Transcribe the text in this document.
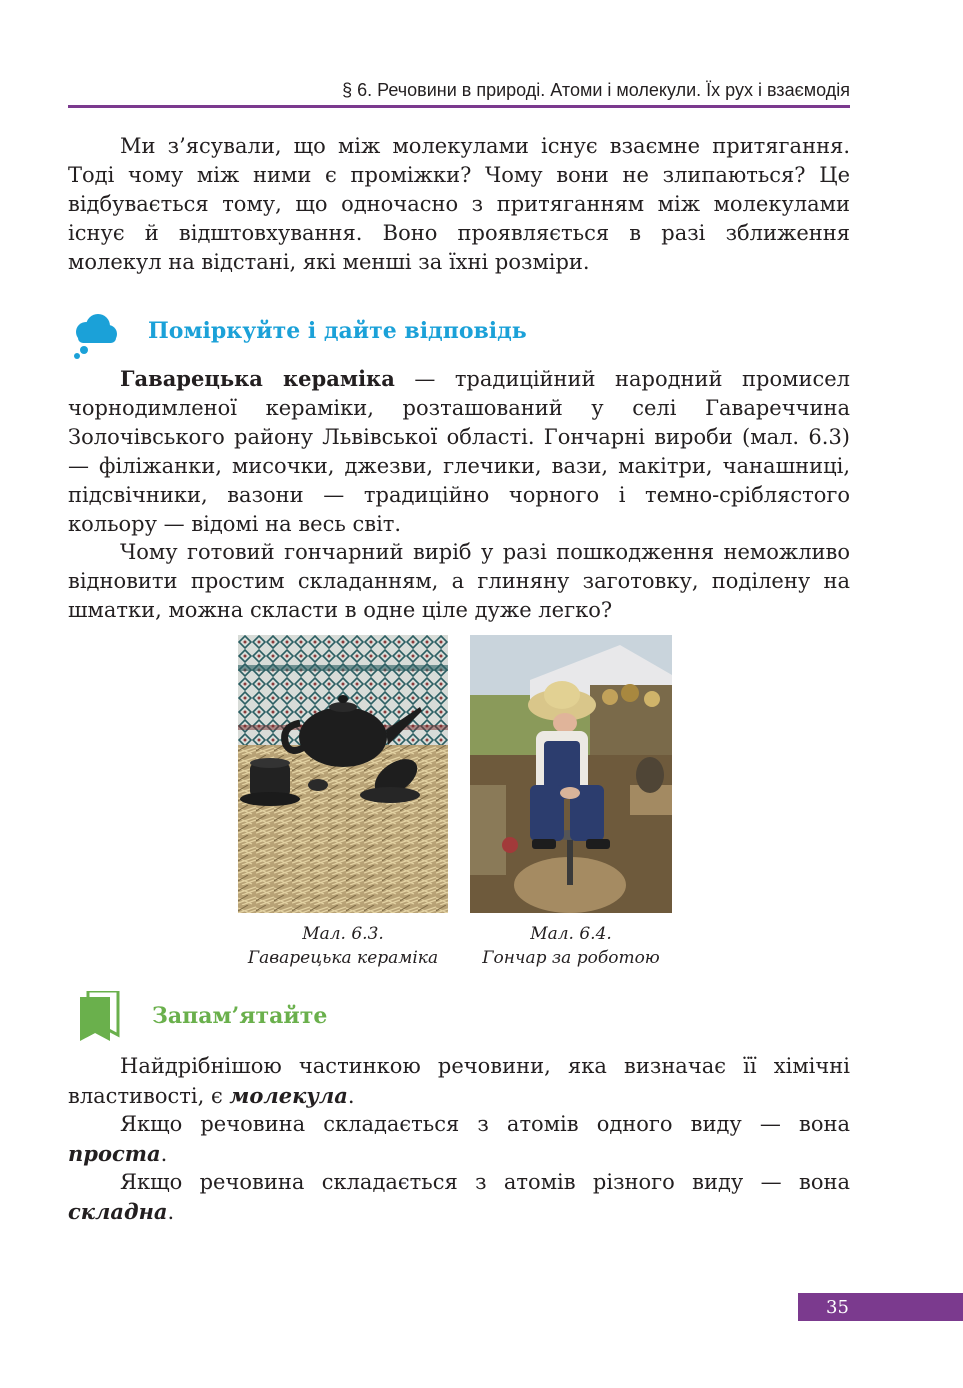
§ 6. Речовини в природі. Атоми і молекули. Їх рух і взаємодія

Ми з’ясували, що між молекулами існує взаємне притягання. Тоді чому між ними є проміжки? Чому вони не злипаються? Це відбувається тому, що одночасно з притяганням між молекулами існує й відштовхування. Воно проявляється в разі зближення молекул на відстані, які менші за їхні розміри.

Поміркуйте і дайте відповідь

Гаварецька кераміка — традиційний народний промисел чорнодимленої кераміки, розташований у селі Гавареччина Золочівського району Львівської області. Гончарні вироби (мал. 6.3) — філіжанки, мисочки, джезви, глечики, вази, макітри, чанашниці, підсвічники, вазони — традиційно чорного і темно-сріблястого кольору — відомі на весь світ.

Чому готовий гончарний виріб у разі пошкодження неможливо відновити простим складанням, а глиняну заготовку, поділену на шматки, можна скласти в одне ціле дуже легко?

Мал. 6.3.
Гаварецька кераміка
Мал. 6.4.
Гончар за роботою
Запам’ятайте

Найдрібнішою частинкою речовини, яка визначає її хімічні властивості, є молекула.

Якщо речовина складається з атомів одного виду — вона проста.

Якщо речовина складається з атомів різного виду — вона складна.

35
